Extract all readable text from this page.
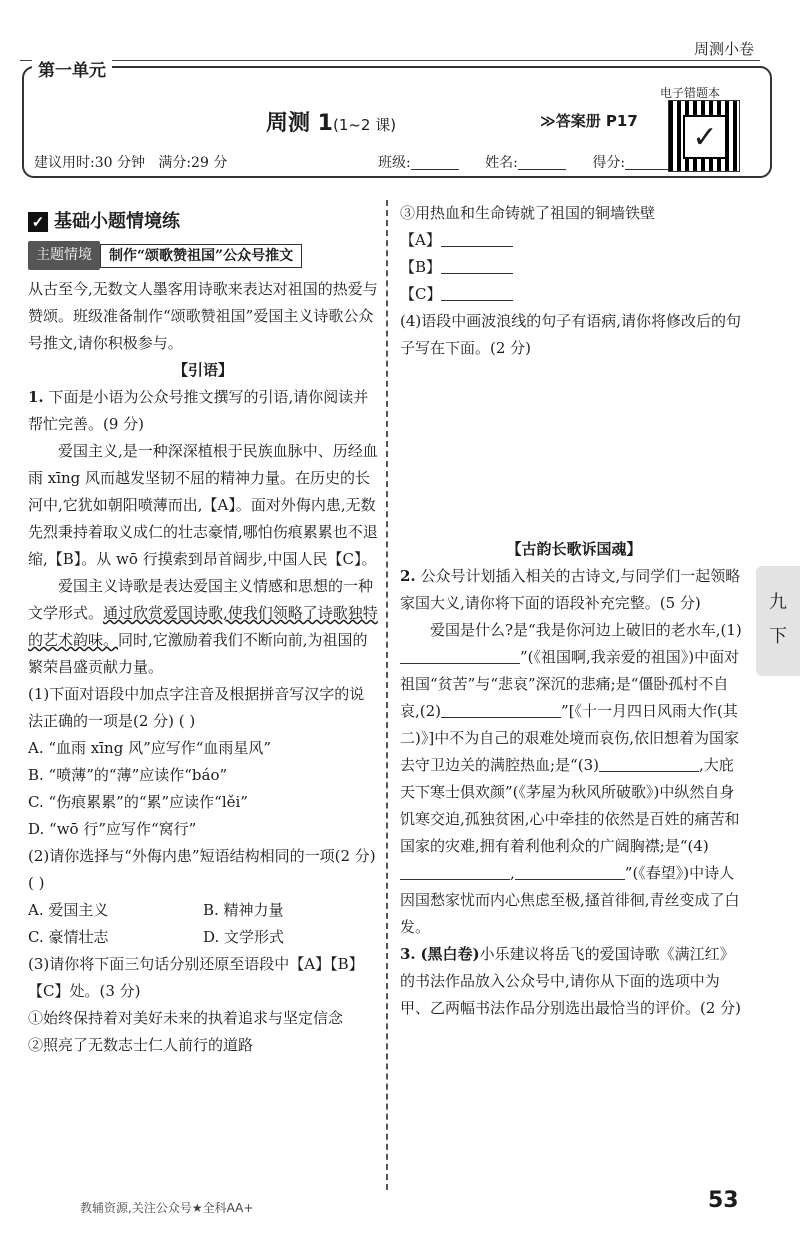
周测小卷
第一单元
周测 1(1~2 课)	≫答案册 P17
建议用时:30 分钟 满分:29 分	班级:	姓名:	得分:
电子错题本
✓
✓ 基础小题情境练
主题情境	制作“颂歌赞祖国”公众号推文

从古至今,无数文人墨客用诗歌来表达对祖国的热爱与赞颂。班级准备制作“颂歌赞祖国”爱国主义诗歌公众号推文,请你积极参与。

【引语】

1. 下面是小语为公众号推文撰写的引语,请你阅读并帮忙完善。(9 分)

爱国主义,是一种深深植根于民族血脉中、历经血雨 xīng 风而越发坚韧不屈的精神力量。在历史的长河中,它犹如朝阳喷薄而出,【A】。面对外侮内患,无数先烈秉持着取义成仁的壮志豪情,哪怕伤痕累累也不退缩,【B】。从 wō 行摸索到昂首阔步,中国人民【C】。

爱国主义诗歌是表达爱国主义情感和思想的一种文学形式。通过欣赏爱国诗歌,使我们领略了诗歌独特的艺术韵味。同时,它激励着我们不断向前,为祖国的繁荣昌盛贡献力量。

(1)下面对语段中加点字注音及根据拼音写汉字的说法正确的一项是(2 分) ( )

A. “血雨 xīng 风”应写作“血雨星风”

B. “喷薄”的“薄”应读作“báo”

C. “伤痕累累”的“累”应读作“lěi”

D. “wō 行”应写作“窝行”

(2)请你选择与“外侮内患”短语结构相同的一项(2 分) ( )

A. 爱国主义	B. 精神力量
C. 豪情壮志	D. 文学形式

(3)请你将下面三句话分别还原至语段中【A】【B】【C】处。(3 分)

①始终保持着对美好未来的执着追求与坚定信念

②照亮了无数志士仁人前行的道路

③用热血和生命铸就了祖国的铜墙铁壁

【A】

【B】

【C】

(4)语段中画波浪线的句子有语病,请你将修改后的句子写在下面。(2 分)

【古韵长歌诉国魂】

2. 公众号计划插入相关的古诗文,与同学们一起领略家国大义,请你将下面的语段补充完整。(5 分)

爱国是什么?是“我是你河边上破旧的老水车,(1)”(《祖国啊,我亲爱的祖国》)中面对祖国“贫苦”与“悲哀”深沉的悲痛;是“僵卧孤村不自哀,(2)	”[《十一月四日风雨大作(其二)》]中不为自己的艰难处境而哀伤,依旧想着为国家去守卫边关的满腔热血;是“(3)	,大庇天下寒士俱欢颜”(《茅屋为秋风所破歌》)中纵然自身饥寒交迫,孤独贫困,心中牵挂的依然是百姓的痛苦和国家的灾难,拥有着利他利众的广阔胸襟;是“(4),	”(《春望》)中诗人因国愁家忧而内心焦虑至极,搔首徘徊,青丝变成了白发。

3. (黑白卷)小乐建议将岳飞的爱国诗歌《满江红》的书法作品放入公众号中,请你从下面的选项中为甲、乙两幅书法作品分别选出最恰当的评价。(2 分)

九
下
教辅资源,关注公众号★全科AA+	53
